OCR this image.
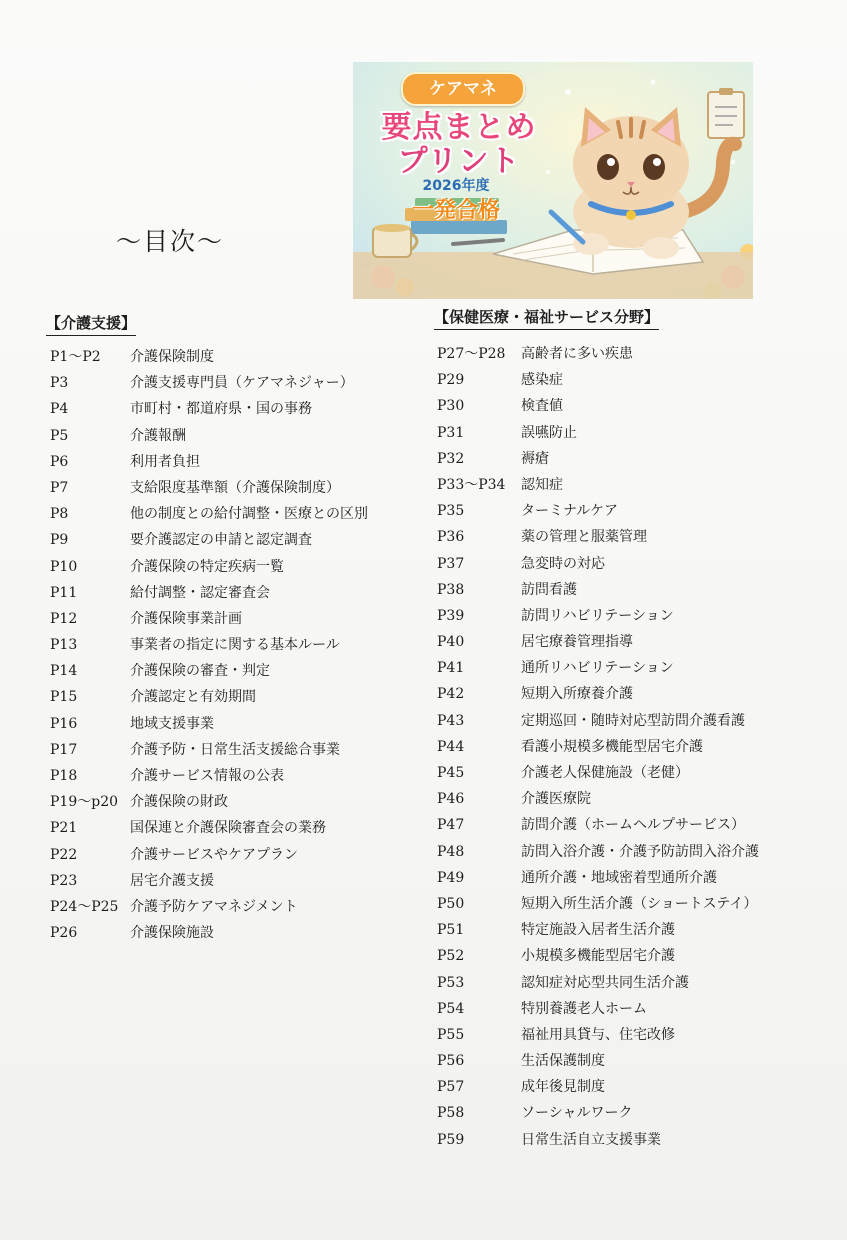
〜目次〜
ケアマネ
要点まとめ
プリント
2026年度
一発合格
【介護支援】	【保健医療・福祉サービス分野】
P1〜P2 介護保険制度
P3	介護支援専門員（ケアマネジャー）
P4	市町村・都道府県・国の事務
P5	介護報酬
P6	利用者負担
P7	支給限度基準額（介護保険制度）
P8	他の制度との給付調整・医療との区別
P9	要介護認定の申請と認定調査
P10	介護保険の特定疾病一覧
P11	給付調整・認定審査会
P12	介護保険事業計画
P13	事業者の指定に関する基本ルール
P14	介護保険の審査・判定
P15	介護認定と有効期間
P16	地域支援事業
P17	介護予防・日常生活支援総合事業
P18	介護サービス情報の公表
P19〜p20 介護保険の財政
P21	国保連と介護保険審査会の業務
P22	介護サービスやケアプラン
P23	居宅介護支援
P24〜P25 介護予防ケアマネジメント
P26	介護保険施設
P27〜P28 高齢者に多い疾患
P29	感染症
P30	検査値
P31	誤嚥防止
P32	褥瘡
P33〜P34 認知症
P35	ターミナルケア
P36	薬の管理と服薬管理
P37	急変時の対応
P38	訪問看護
P39	訪問リハビリテーション
P40	居宅療養管理指導
P41	通所リハビリテーション
P42	短期入所療養介護
P43	定期巡回・随時対応型訪問介護看護
P44	看護小規模多機能型居宅介護
P45	介護老人保健施設（老健）
P46	介護医療院
P47	訪問介護（ホームヘルプサービス）
P48	訪問入浴介護・介護予防訪問入浴介護
P49	通所介護・地域密着型通所介護
P50	短期入所生活介護（ショートステイ）
P51	特定施設入居者生活介護
P52	小規模多機能型居宅介護
P53	認知症対応型共同生活介護
P54	特別養護老人ホーム
P55	福祉用具貸与、住宅改修
P56	生活保護制度
P57	成年後見制度
P58	ソーシャルワーク
P59	日常生活自立支援事業
